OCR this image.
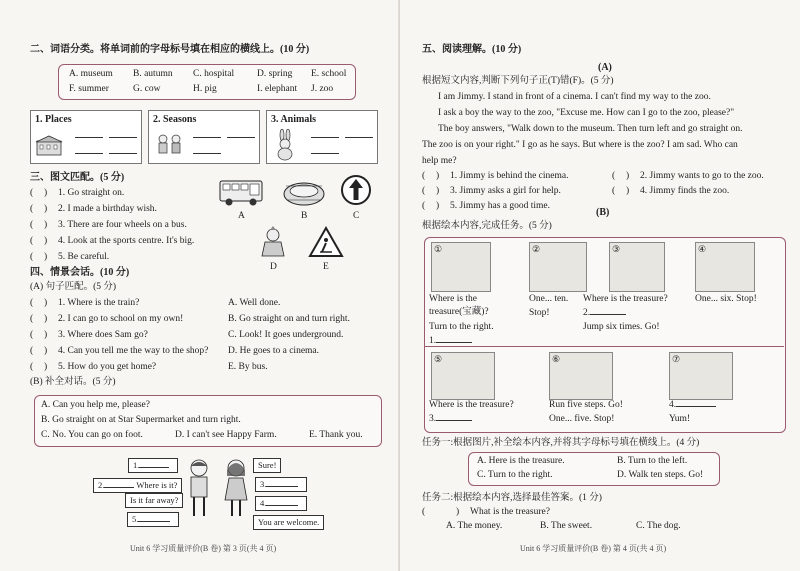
二、词语分类。将单词前的字母标号填在相应的横线上。(10 分)
A. museum B. autumn C. hospital D. spring E. school
F. summer	G. cow	H. pig	I. elephant J. zoo
1. Places	2. Seasons	3. Animals
三、图文匹配。(5 分)
( ) 1. Go straight on.
( ) 2. I made a birthday wish.
( ) 3. There are four wheels on a bus.
( ) 4. Look at the sports centre. It's big.
( ) 5. Be careful.
A	B	C
D	E
四、情景会话。(10 分)
(A) 句子匹配。(5 分)
( ) 1. Where is the train?
( ) 2. I can go to school on my own!
( ) 3. Where does Sam go?
( ) 4. Can you tell me the way to the shop?
( ) 5. How do you get home?
A. Well done.
B. Go straight on and turn right.
C. Look! It goes underground.
D. He goes to a cinema.
E. By bus.
(B) 补全对话。(5 分)
A. Can you help me, please?
B. Go straight on at Star Supermarket and turn right.
C. No. You can go on foot.	D. I can't see Happy Farm.	E. Thank you.
1.
2.	Where is it?
Is it far away?
5.
Sure!
3.
4.
You are welcome.
Unit 6 学习质量评价(B 卷) 第 3 页(共 4 页)
五、阅读理解。(10 分)
(A)
根据短文内容,判断下列句子正(T)错(F)。(5 分)
I am Jimmy. I stand in front of a cinema. I can't find my way to the zoo.
I ask a boy the way to the zoo, "Excuse me. How can I go to the zoo, please?"
The boy answers, "Walk down to the museum. Then turn left and go straight on.
The zoo is on your right." I go as he says. But where is the zoo? I am sad. Who can
help me?
( ) 1. Jimmy is behind the cinema.	( ) 2. Jimmy wants to go to the zoo.
( ) 3. Jimmy asks a girl for help.	( ) 4. Jimmy finds the zoo.
( ) 5. Jimmy has a good time.
(B)
根据绘本内容,完成任务。(5 分)
①	②	③	④
Where is the
treasure(宝藏)?
Turn to the right.
1.
One... ten.
Stop!
Where is the treasure?
2.
Jump six times. Go!
One... six. Stop!
⑤	⑥	⑦
Where is the treasure?
3.
Run five steps. Go!
One... five. Stop!
4.
Yum!
任务一:根据图片,补全绘本内容,并将其字母标号填在横线上。(4 分)
A. Here is the treasure.	B. Turn to the left.
C. Turn to the right.	D. Walk ten steps. Go!
任务二:根据绘本内容,选择最佳答案。(1 分)
(	) What is the treasure?
A. The money.	B. The sweet.	C. The dog.
Unit 6 学习质量评价(B 卷) 第 4 页(共 4 页)
